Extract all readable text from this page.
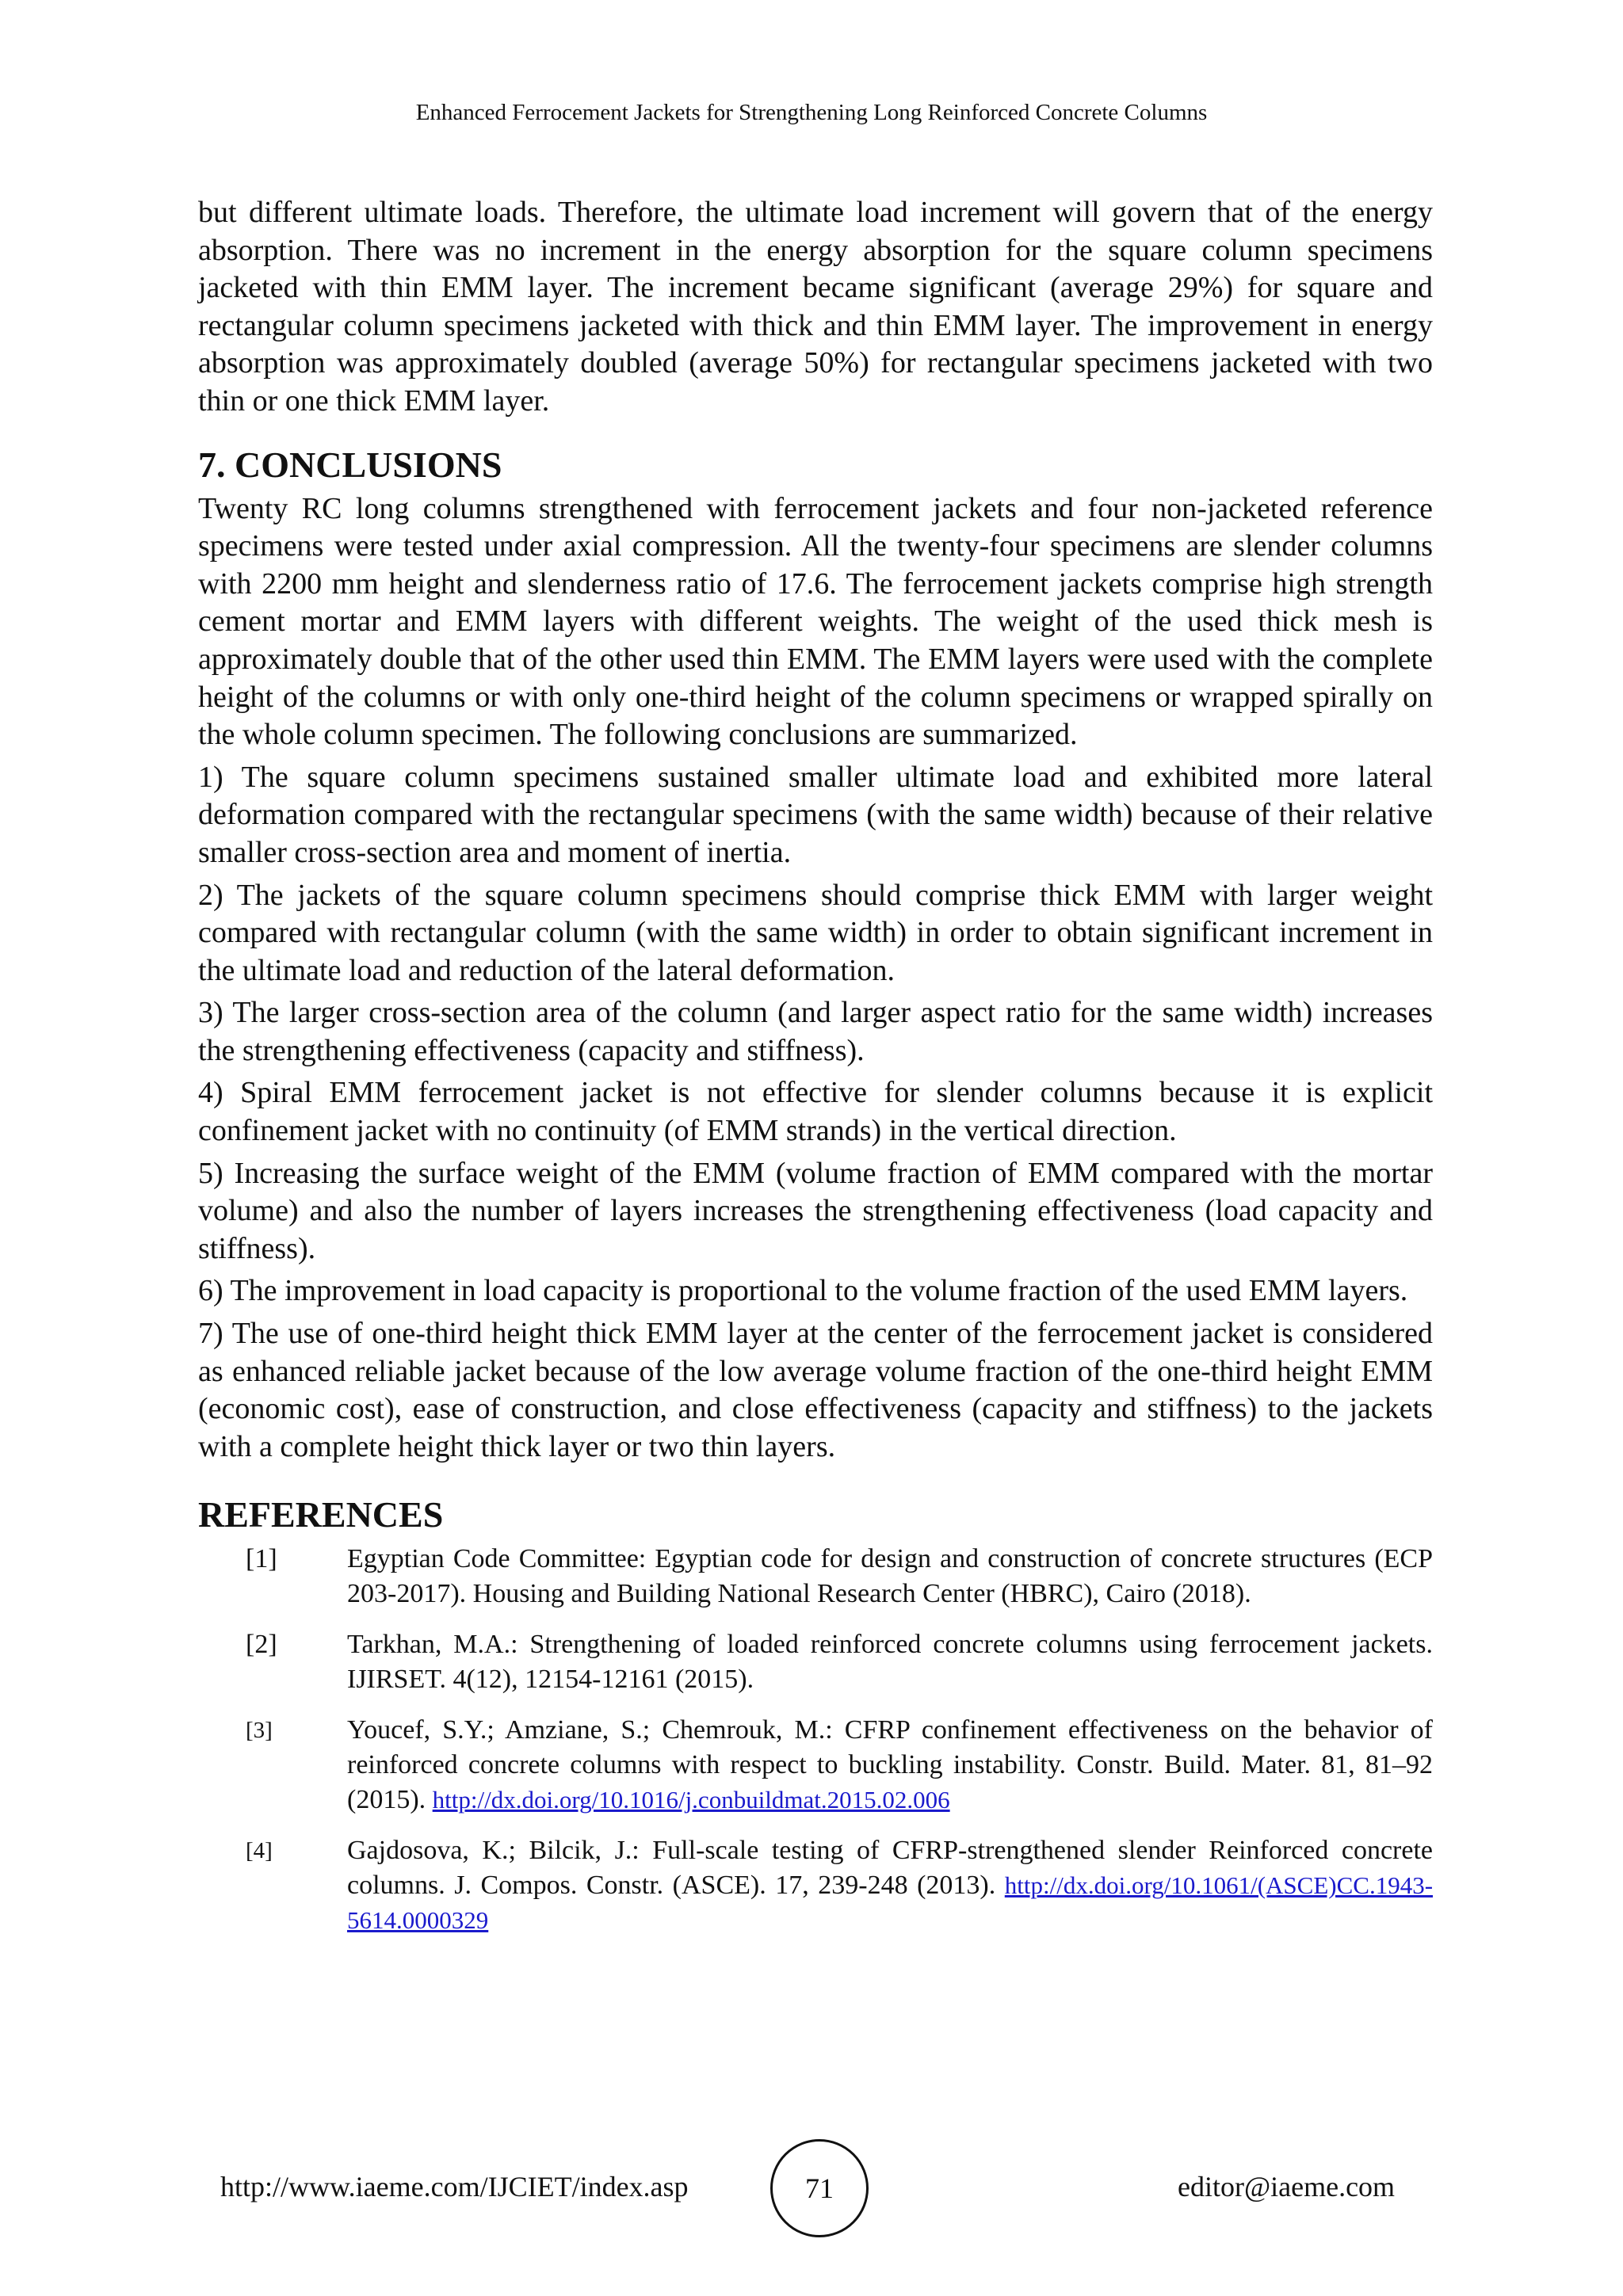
Enhanced Ferrocement Jackets for Strengthening Long Reinforced Concrete Columns

but different ultimate loads. Therefore, the ultimate load increment will govern that of the energy absorption. There was no increment in the energy absorption for the square column specimens jacketed with thin EMM layer. The increment became significant (average 29%) for square and rectangular column specimens jacketed with thick and thin EMM layer. The improvement in energy absorption was approximately doubled (average 50%) for rectangular specimens jacketed with two thin or one thick EMM layer.

7. CONCLUSIONS

Twenty RC long columns strengthened with ferrocement jackets and four non-jacketed reference specimens were tested under axial compression. All the twenty-four specimens are slender columns with 2200 mm height and slenderness ratio of 17.6. The ferrocement jackets comprise high strength cement mortar and EMM layers with different weights. The weight of the used thick mesh is approximately double that of the other used thin EMM. The EMM layers were used with the complete height of the columns or with only one-third height of the column specimens or wrapped spirally on the whole column specimen. The following conclusions are summarized.

1) The square column specimens sustained smaller ultimate load and exhibited more lateral deformation compared with the rectangular specimens (with the same width) because of their relative smaller cross-section area and moment of inertia.

2) The jackets of the square column specimens should comprise thick EMM with larger weight compared with rectangular column (with the same width) in order to obtain significant increment in the ultimate load and reduction of the lateral deformation.

3) The larger cross-section area of the column (and larger aspect ratio for the same width) increases the strengthening effectiveness (capacity and stiffness).

4) Spiral EMM ferrocement jacket is not effective for slender columns because it is explicit confinement jacket with no continuity (of EMM strands) in the vertical direction.

5) Increasing the surface weight of the EMM (volume fraction of EMM compared with the mortar volume) and also the number of layers increases the strengthening effectiveness (load capacity and stiffness).

6) The improvement in load capacity is proportional to the volume fraction of the used EMM layers.

7) The use of one-third height thick EMM layer at the center of the ferrocement jacket is considered as enhanced reliable jacket because of the low average volume fraction of the one-third height EMM (economic cost), ease of construction, and close effectiveness (capacity and stiffness) to the jackets with a complete height thick layer or two thin layers.

REFERENCES
[1]	Egyptian Code Committee: Egyptian code for design and construction of concrete structures (ECP 203-2017). Housing and Building National Research Center (HBRC), Cairo (2018).
[2]	Tarkhan, M.A.: Strengthening of loaded reinforced concrete columns using ferrocement jackets. IJIRSET. 4(12), 12154-12161 (2015).
[3]	Youcef, S.Y.; Amziane, S.; Chemrouk, M.: CFRP confinement effectiveness on the behavior of reinforced concrete columns with respect to buckling instability. Constr. Build. Mater. 81, 81–92 (2015). http://dx.doi.org/10.1016/j.conbuildmat.2015.02.006
[4]	Gajdosova, K.; Bilcik, J.: Full-scale testing of CFRP-strengthened slender Reinforced concrete columns. J. Compos. Constr. (ASCE). 17, 239-248 (2013). http://dx.doi.org/10.1061/(ASCE)CC.1943-5614.0000329
http://www.iaeme.com/IJCIET/index.asp	71	editor@iaeme.com
